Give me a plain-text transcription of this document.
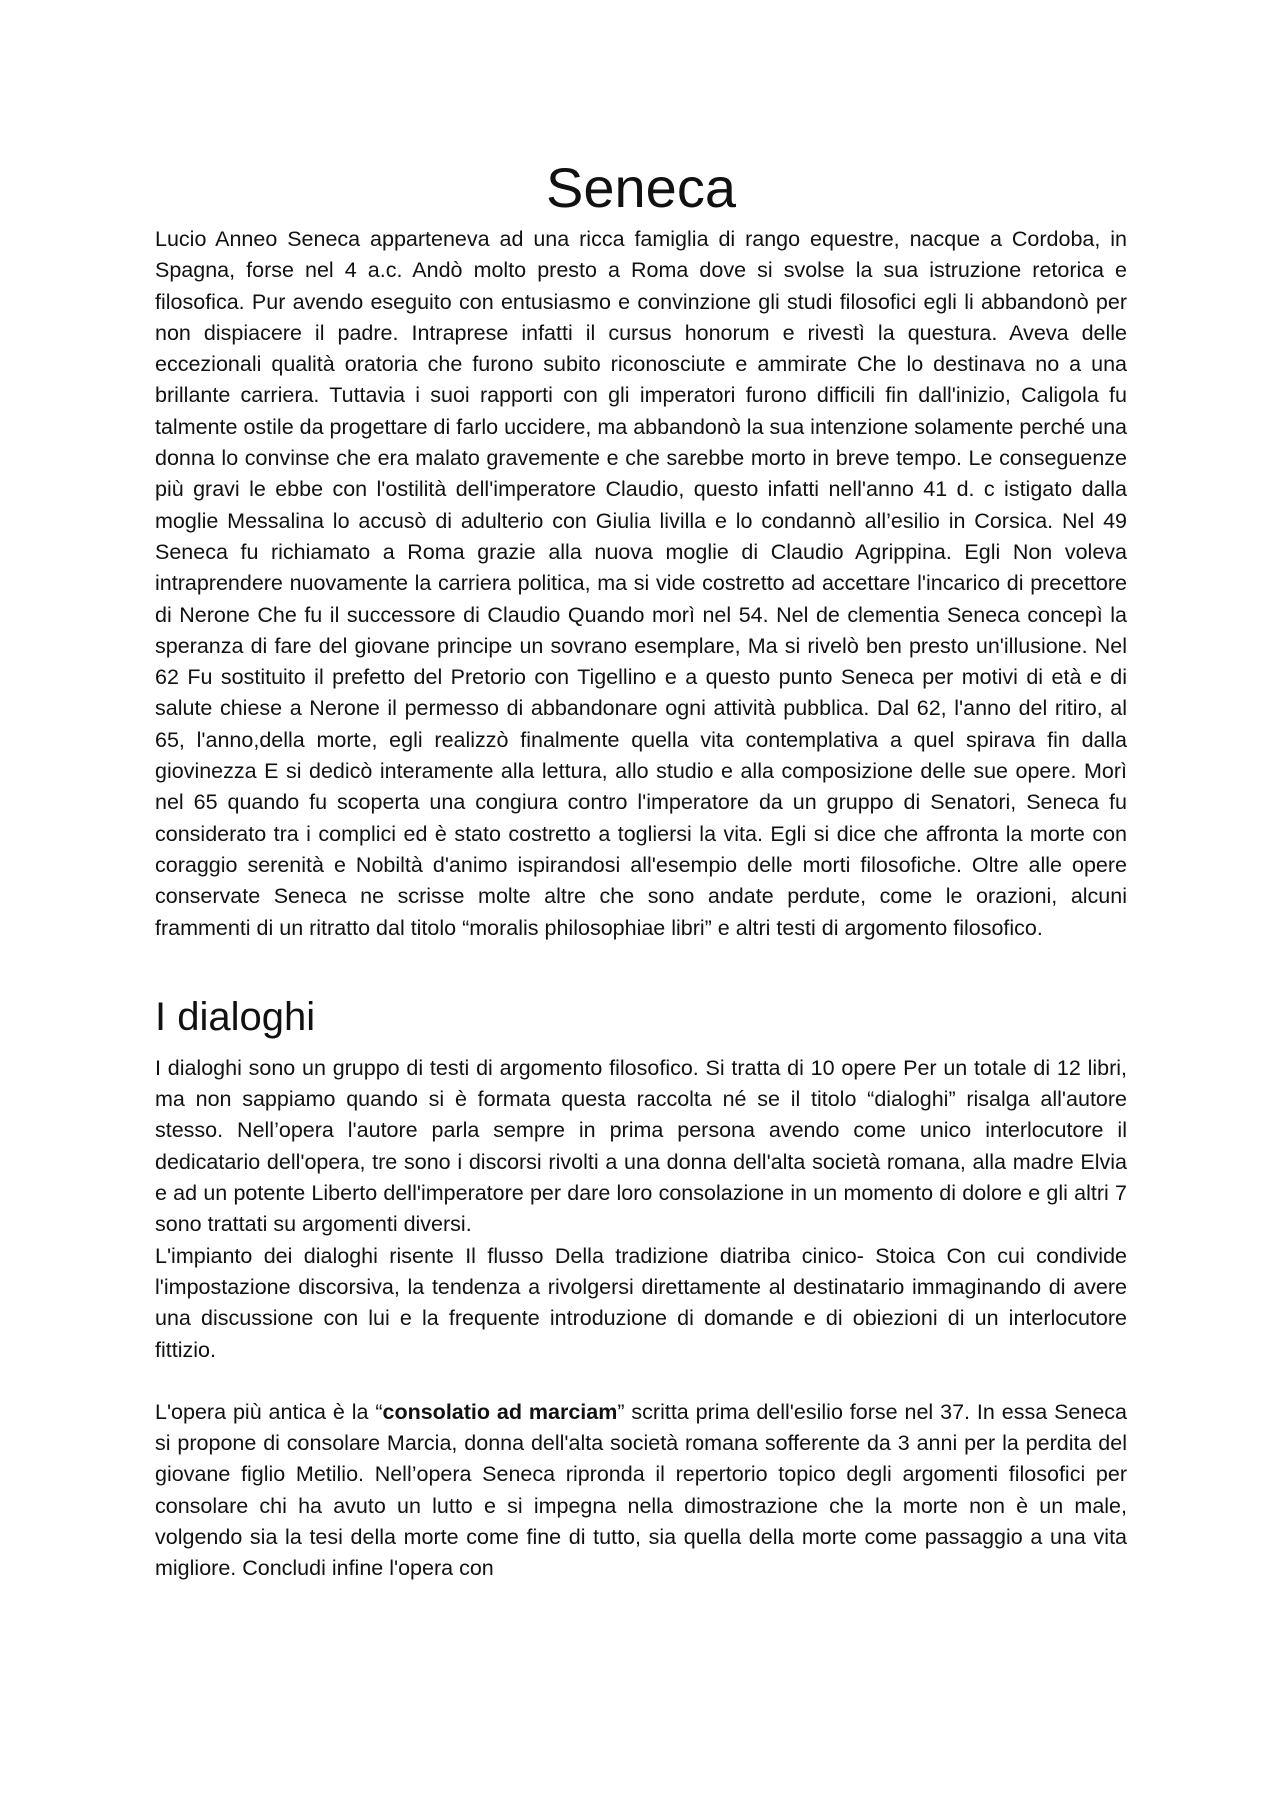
Seneca

Lucio Anneo Seneca apparteneva ad una ricca famiglia di rango equestre, nacque a Cordoba, in Spagna, forse nel 4 a.c. Andò molto presto a Roma dove si svolse la sua istruzione retorica e filosofica. Pur avendo eseguito con entusiasmo e convinzione gli studi filosofici egli li abbandonò per non dispiacere il padre. Intraprese infatti il cursus honorum e rivestì la questura. Aveva delle eccezionali qualità oratoria che furono subito riconosciute e ammirate Che lo destinava no a una brillante carriera. Tuttavia i suoi rapporti con gli imperatori furono difficili fin dall'inizio, Caligola fu talmente ostile da progettare di farlo uccidere, ma abbandonò la sua intenzione solamente perché una donna lo convinse che era malato gravemente e che sarebbe morto in breve tempo. Le conseguenze più gravi le ebbe con l'ostilità dell'imperatore Claudio, questo infatti nell'anno 41 d. c istigato dalla moglie Messalina lo accusò di adulterio con Giulia livilla e lo condannò all’esilio in Corsica. Nel 49 Seneca fu richiamato a Roma grazie alla nuova moglie di Claudio Agrippina. Egli Non voleva intraprendere nuovamente la carriera politica, ma si vide costretto ad accettare l'incarico di precettore di Nerone Che fu il successore di Claudio Quando morì nel 54. Nel de clementia Seneca concepì la speranza di fare del giovane principe un sovrano esemplare, Ma si rivelò ben presto un'illusione. Nel 62 Fu sostituito il prefetto del Pretorio con Tigellino e a questo punto Seneca per motivi di età e di salute chiese a Nerone il permesso di abbandonare ogni attività pubblica. Dal 62, l'anno del ritiro, al 65, l'anno,della morte, egli realizzò finalmente quella vita contemplativa a quel spirava fin dalla giovinezza E si dedicò interamente alla lettura, allo studio e alla composizione delle sue opere. Morì nel 65 quando fu scoperta una congiura contro l'imperatore da un gruppo di Senatori, Seneca fu considerato tra i complici ed è stato costretto a togliersi la vita. Egli si dice che affronta la morte con coraggio serenità e Nobiltà d'animo ispirandosi all'esempio delle morti filosofiche. Oltre alle opere conservate Seneca ne scrisse molte altre che sono andate perdute, come le orazioni, alcuni frammenti di un ritratto dal titolo “moralis philosophiae libri” e altri testi di argomento filosofico.

I dialoghi

I dialoghi sono un gruppo di testi di argomento filosofico. Si tratta di 10 opere Per un totale di 12 libri, ma non sappiamo quando si è formata questa raccolta né se il titolo “dialoghi” risalga all'autore stesso. Nell’opera l'autore parla sempre in prima persona avendo come unico interlocutore il dedicatario dell'opera, tre sono i discorsi rivolti a una donna dell'alta società romana, alla madre Elvia e ad un potente Liberto dell'imperatore per dare loro consolazione in un momento di dolore e gli altri 7 sono trattati su argomenti diversi.

L'impianto dei dialoghi risente Il flusso Della tradizione diatriba cinico- Stoica Con cui condivide l'impostazione discorsiva, la tendenza a rivolgersi direttamente al destinatario immaginando di avere una discussione con lui e la frequente introduzione di domande e di obiezioni di un interlocutore fittizio.

L'opera più antica è la “consolatio ad marciam” scritta prima dell'esilio forse nel 37. In essa Seneca si propone di consolare Marcia, donna dell'alta società romana sofferente da 3 anni per la perdita del giovane figlio Metilio. Nell’opera Seneca ripronda il repertorio topico degli argomenti filosofici per consolare chi ha avuto un lutto e si impegna nella dimostrazione che la morte non è un male, volgendo sia la tesi della morte come fine di tutto, sia quella della morte come passaggio a una vita migliore. Concludi infine l'opera con
